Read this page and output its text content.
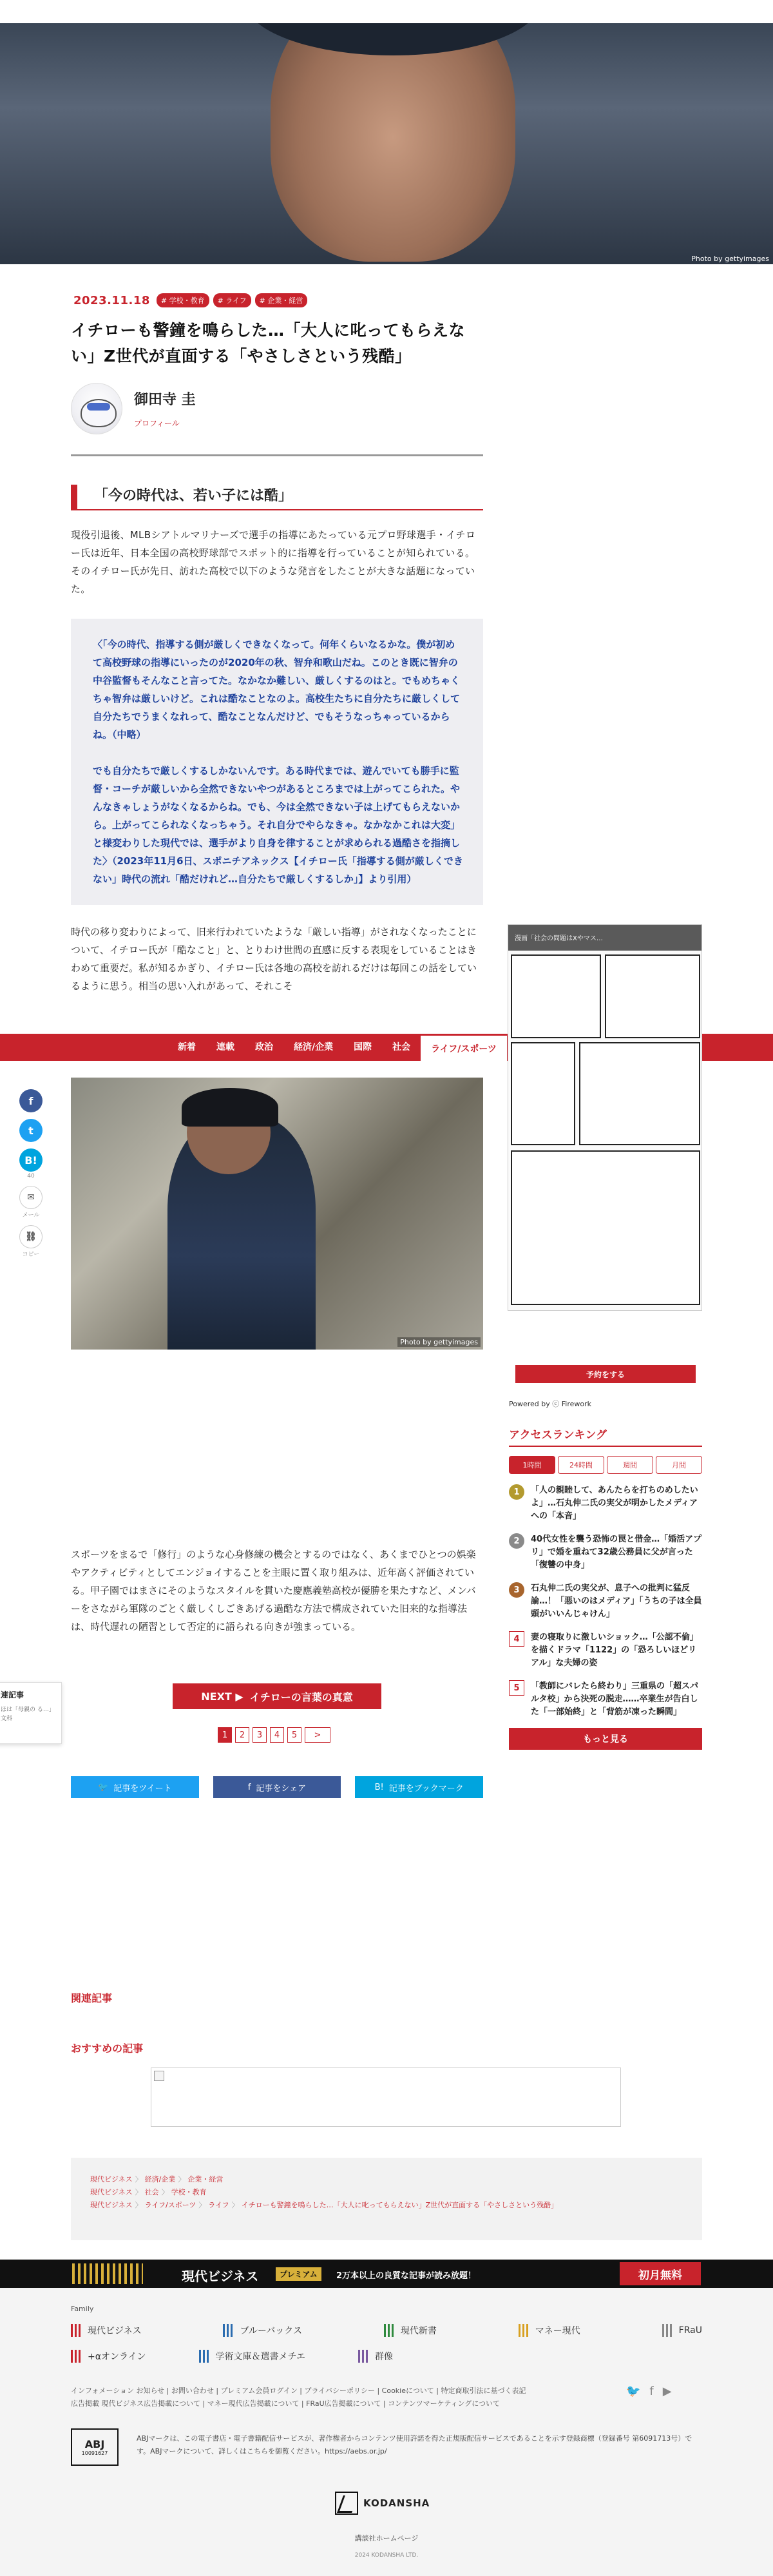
Photo by gettyimages
2023.11.18	# 学校・教育	# ライフ	# 企業・経営
イチローも警鐘を鳴らした…「大人に叱ってもらえない」Z世代が直面する「やさしさという残酷」
御田寺 圭
プロフィール
「今の時代は、若い子には酷」

現役引退後、MLBシアトルマリナーズで選手の指導にあたっている元プロ野球選手・イチロー氏は近年、日本全国の高校野球部でスポット的に指導を行っていることが知られている。そのイチロー氏が先日、訪れた高校で以下のような発言をしたことが大きな話題になっていた。

〈「今の時代、指導する側が厳しくできなくなって。何年くらいなるかな。僕が初めて高校野球の指導にいったのが2020年の秋、智弁和歌山だね。このとき既に智弁の中谷監督もそんなこと言ってた。なかなか難しい、厳しくするのはと。でもめちゃくちゃ智弁は厳しいけど。これは酷なことなのよ。高校生たちに自分たちに厳しくして自分たちでうまくなれって、酷なことなんだけど、でもそうなっちゃっているからね。（中略）

でも自分たちで厳しくするしかないんです。ある時代までは、遊んでいても勝手に監督・コーチが厳しいから全然できないやつがあるところまでは上がってこられた。やんなきゃしょうがなくなるからね。でも、今は全然できない子は上げてもらえないから。上がってこられなくなっちゃう。それ自分でやらなきゃ。なかなかこれは大変」と様変わりした現代では、選手がより自身を律することが求められる過酷さを指摘した〉（2023年11月6日、スポニチアネックス【イチロー氏「指導する側が厳しくできない」時代の流れ「酷だけれど…自分たちで厳しくするしか」】より引用）

時代の移り変わりによって、旧来行われていたような「厳しい指導」がされなくなったことについて、イチロー氏が「酷なこと」と、とりわけ世間の直感に反する表現をしていることはきわめて重要だ。私が知るかぎり、イチロー氏は各地の高校を訪れるだけは毎回この話をしているように思う。相当の思い入れがあって、それこそ

新着	連載	政治	経済/企業	国際	社会	ライフ/スポーツ
f
t
B!
40
✉
メール
⛓
コピー
Photo by gettyimages

スポーツをまるで「修行」のような心身修練の機会とするのではなく、あくまでひとつの娯楽やアクティビティとしてエンジョイすることを主眼に置く取り組みは、近年高く評価されている。甲子園ではまさにそのようなスタイルを貫いた慶應義塾高校が優勝を果たすなど、メンバーをさながら軍隊のごとく厳しくしごきあげる過酷な方法で構成されていた旧来的な指導法は、時代遅れの陋習として否定的に語られる向きが強まっている。

NEXT ▶ イチローの言葉の真意
1	2	3	4	5	>
🐦 記事をツイート	f 記事をシェア	B! 記事をブックマーク
連記事
ほは「母親の る…」 文科
漫画「社会の問題はXやマス…
予約をする
Powered by ⓒ Firework
アクセスランキング
1時間	24時間	週間	月間
1	「人の親睦して、あんたらを打ちのめしたいよ」…石丸伸二氏の実父が明かしたメディアへの「本音」
2	40代女性を襲う恐怖の罠と借金…「婚活アプリ」で婚を重ねて32歳公務員に父が言った「復讐の中身」
3	石丸伸二氏の実父が、息子への批判に猛反論…！「悪いのはメディア」「うちの子は全員頭がいいんじゃけん」
4	妻の寝取りに激しいショック…「公認不倫」を描くドラマ「1122」の「恐ろしいほどリアル」な夫婦の姿
5	「教師にバレたら終わり」三重県の「超スパルタ校」から決死の脱走……卒業生が告白した「一部始終」と「背筋が凍った瞬間」
もっと見る
関連記事
おすすめの記事
現代ビジネス 〉 経済/企業 〉 企業・経営
現代ビジネス 〉 社会 〉 学校・教育
現代ビジネス 〉 ライフ/スポーツ 〉 ライフ 〉 イチローも警鐘を鳴らした…「大人に叱ってもらえない」Z世代が直面する「やさしさという残酷」
現代ビジネス	プレミアム	2万本以上の良質な記事が読み放題！	初月無料
Family
現代ビジネス	ブルーバックス	現代新書	マネー現代	FRaU
+αオンライン	学術文庫＆選書メチエ	群像
インフォメーション お知らせ | お問い合わせ | プレミアム会員ログイン | プライバシーポリシー | Cookieについて | 特定商取引法に基づく表記
広告掲載 現代ビジネス広告掲載について | マネー現代広告掲載について | FRaU広告掲載について | コンテンツマーケティングについて
🐦 f ▶
ABJ
10091627
ABJマークは、この電子書店・電子書籍配信サービスが、著作権者からコンテンツ使用許諾を得た正規版配信サービスであることを示す登録商標（登録番号 第6091713号）です。ABJマークについて、詳しくはこちらを御覧ください。https://aebs.or.jp/
KODANSHA
講談社ホームページ
2024 KODANSHA LTD.
